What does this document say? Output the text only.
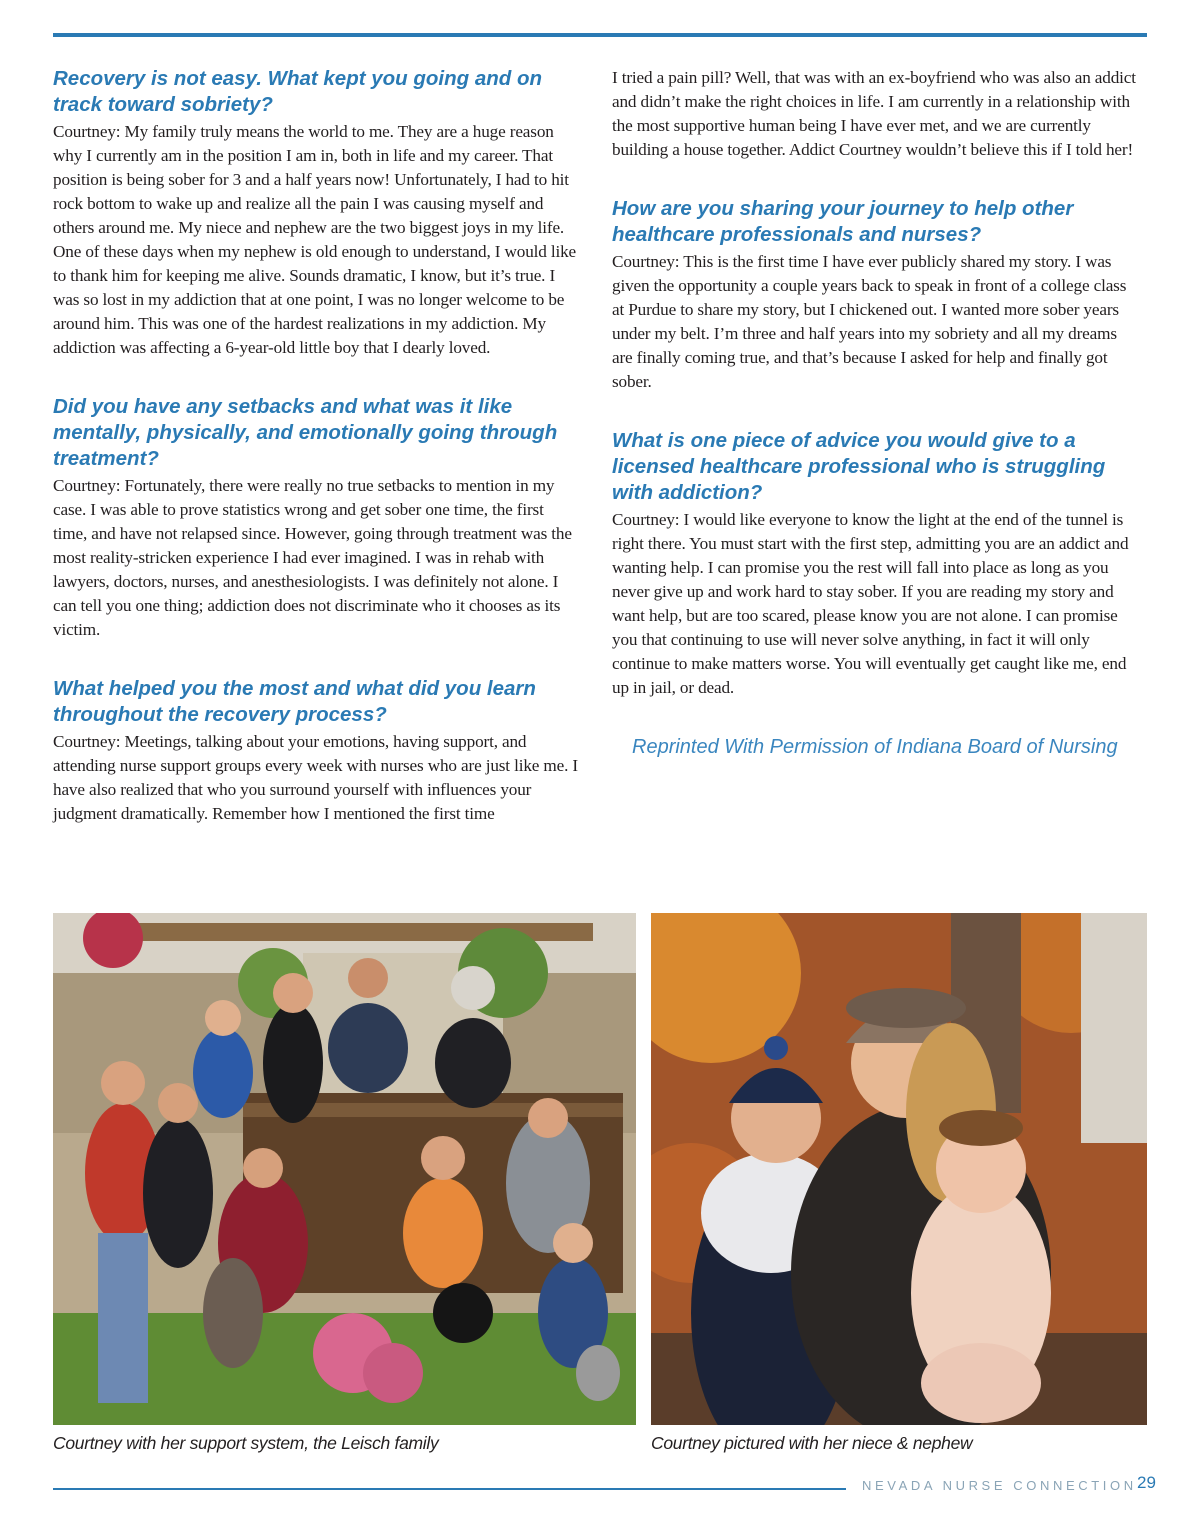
Recovery is not easy. What kept you going and on track toward sobriety?

Courtney: My family truly means the world to me. They are a huge reason why I currently am in the position I am in, both in life and my career. That position is being sober for 3 and a half years now! Unfortunately, I had to hit rock bottom to wake up and realize all the pain I was causing myself and others around me. My niece and nephew are the two biggest joys in my life. One of these days when my nephew is old enough to understand, I would like to thank him for keeping me alive. Sounds dramatic, I know, but it’s true. I was so lost in my addiction that at one point, I was no longer welcome to be around him. This was one of the hardest realizations in my addiction. My addiction was affecting a 6-year-old little boy that I dearly loved.

Did you have any setbacks and what was it like mentally, physically, and emotionally going through treatment?

Courtney: Fortunately, there were really no true setbacks to mention in my case. I was able to prove statistics wrong and get sober one time, the first time, and have not relapsed since. However, going through treatment was the most reality-stricken experience I had ever imagined. I was in rehab with lawyers, doctors, nurses, and anesthesiologists. I was definitely not alone. I can tell you one thing; addiction does not discriminate who it chooses as its victim.

What helped you the most and what did you learn throughout the recovery process?

Courtney: Meetings, talking about your emotions, having support, and attending nurse support groups every week with nurses who are just like me. I have also realized that who you surround yourself with influences your judgment dramatically. Remember how I mentioned the first time

I tried a pain pill? Well, that was with an ex-boyfriend who was also an addict and didn’t make the right choices in life. I am currently in a relationship with the most supportive human being I have ever met, and we are currently building a house together. Addict Courtney wouldn’t believe this if I told her!

How are you sharing your journey to help other healthcare professionals and nurses?

Courtney: This is the first time I have ever publicly shared my story. I was given the opportunity a couple years back to speak in front of a college class at Purdue to share my story, but I chickened out. I wanted more sober years under my belt. I’m three and half years into my sobriety and all my dreams are finally coming true, and that’s because I asked for help and finally got sober.

What is one piece of advice you would give to a licensed healthcare professional who is struggling with addiction?

Courtney: I would like everyone to know the light at the end of the tunnel is right there. You must start with the first step, admitting you are an addict and wanting help. I can promise you the rest will fall into place as long as you never give up and work hard to stay sober. If you are reading my story and want help, but are too scared, please know you are not alone. I can promise you that continuing to use will never solve anything, in fact it will only continue to make matters worse. You will eventually get caught like me, end up in jail, or dead.

Reprinted With Permission of Indiana Board of Nursing
Courtney with her support system, the Leisch family	Courtney pictured with her niece & nephew
NEVADA NURSE CONNECTION 29
